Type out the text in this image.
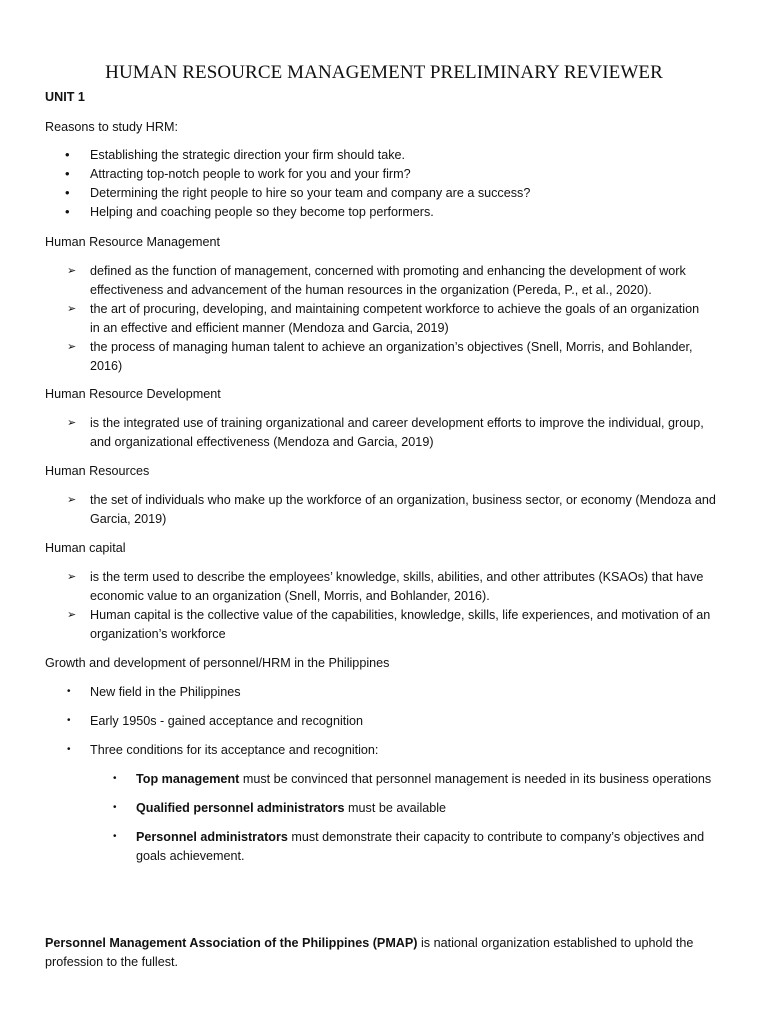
HUMAN RESOURCE MANAGEMENT PRELIMINARY REVIEWER
UNIT 1
Reasons to study HRM:
• Establishing the strategic direction your firm should take.
• Attracting top-notch people to work for you and your firm?
• Determining the right people to hire so your team and company are a success?
• Helping and coaching people so they become top performers.
Human Resource Management
➢ defined as the function of management, concerned with promoting and enhancing the development of work
effectiveness and advancement of the human resources in the organization (Pereda, P., et al., 2020).
➢ the art of procuring, developing, and maintaining competent workforce to achieve the goals of an organization
in an effective and efficient manner (Mendoza and Garcia, 2019)
➢ the process of managing human talent to achieve an organization’s objectives (Snell, Morris, and Bohlander,
2016)
Human Resource Development
➢ is the integrated use of training organizational and career development efforts to improve the individual, group,
and organizational effectiveness (Mendoza and Garcia, 2019)
Human Resources
➢ the set of individuals who make up the workforce of an organization, business sector, or economy (Mendoza and
Garcia, 2019)
Human capital
➢ is the term used to describe the employees’ knowledge, skills, abilities, and other attributes (KSAOs) that have
economic value to an organization (Snell, Morris, and Bohlander, 2016).
➢ Human capital is the collective value of the capabilities, knowledge, skills, life experiences, and motivation of an
organization’s workforce
Growth and development of personnel/HRM in the Philippines
• New field in the Philippines
• Early 1950s - gained acceptance and recognition
• Three conditions for its acceptance and recognition:
• Top management must be convinced that personnel management is needed in its business operations
• Qualified personnel administrators must be available
• Personnel administrators must demonstrate their capacity to contribute to company’s objectives and
goals achievement.
Personnel Management Association of the Philippines (PMAP) is national organization established to uphold the
profession to the fullest.
